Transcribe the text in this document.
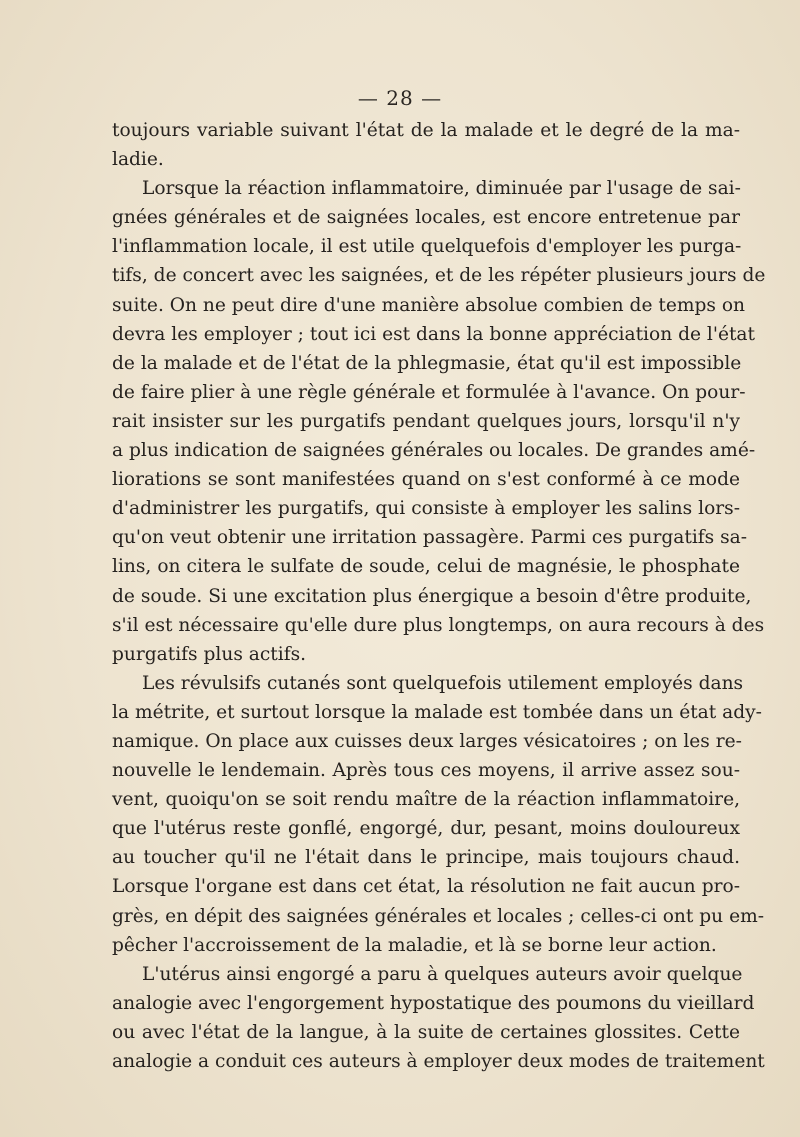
— 28 —
toujours variable suivant l'état de la malade et le degré de la ma-
ladie.
Lorsque la réaction inflammatoire, diminuée par l'usage de sai-
gnées générales et de saignées locales, est encore entretenue par
l'inflammation locale, il est utile quelquefois d'employer les purga-
tifs, de concert avec les saignées, et de les répéter plusieurs jours de
suite. On ne peut dire d'une manière absolue combien de temps on
devra les employer ; tout ici est dans la bonne appréciation de l'état
de la malade et de l'état de la phlegmasie, état qu'il est impossible
de faire plier à une règle générale et formulée à l'avance. On pour-
rait insister sur les purgatifs pendant quelques jours, lorsqu'il n'y
a plus indication de saignées générales ou locales. De grandes amé-
liorations se sont manifestées quand on s'est conformé à ce mode
d'administrer les purgatifs, qui consiste à employer les salins lors-
qu'on veut obtenir une irritation passagère. Parmi ces purgatifs sa-
lins, on citera le sulfate de soude, celui de magnésie, le phosphate
de soude. Si une excitation plus énergique a besoin d'être produite,
s'il est nécessaire qu'elle dure plus longtemps, on aura recours à des
purgatifs plus actifs.
Les révulsifs cutanés sont quelquefois utilement employés dans
la métrite, et surtout lorsque la malade est tombée dans un état ady-
namique. On place aux cuisses deux larges vésicatoires ; on les re-
nouvelle le lendemain. Après tous ces moyens, il arrive assez sou-
vent, quoiqu'on se soit rendu maître de la réaction inflammatoire,
que l'utérus reste gonflé, engorgé, dur, pesant, moins douloureux
au toucher qu'il ne l'était dans le principe, mais toujours chaud.
Lorsque l'organe est dans cet état, la résolution ne fait aucun pro-
grès, en dépit des saignées générales et locales ; celles-ci ont pu em-
pêcher l'accroissement de la maladie, et là se borne leur action.
L'utérus ainsi engorgé a paru à quelques auteurs avoir quelque
analogie avec l'engorgement hypostatique des poumons du vieillard
ou avec l'état de la langue, à la suite de certaines glossites. Cette
analogie a conduit ces auteurs à employer deux modes de traitement
